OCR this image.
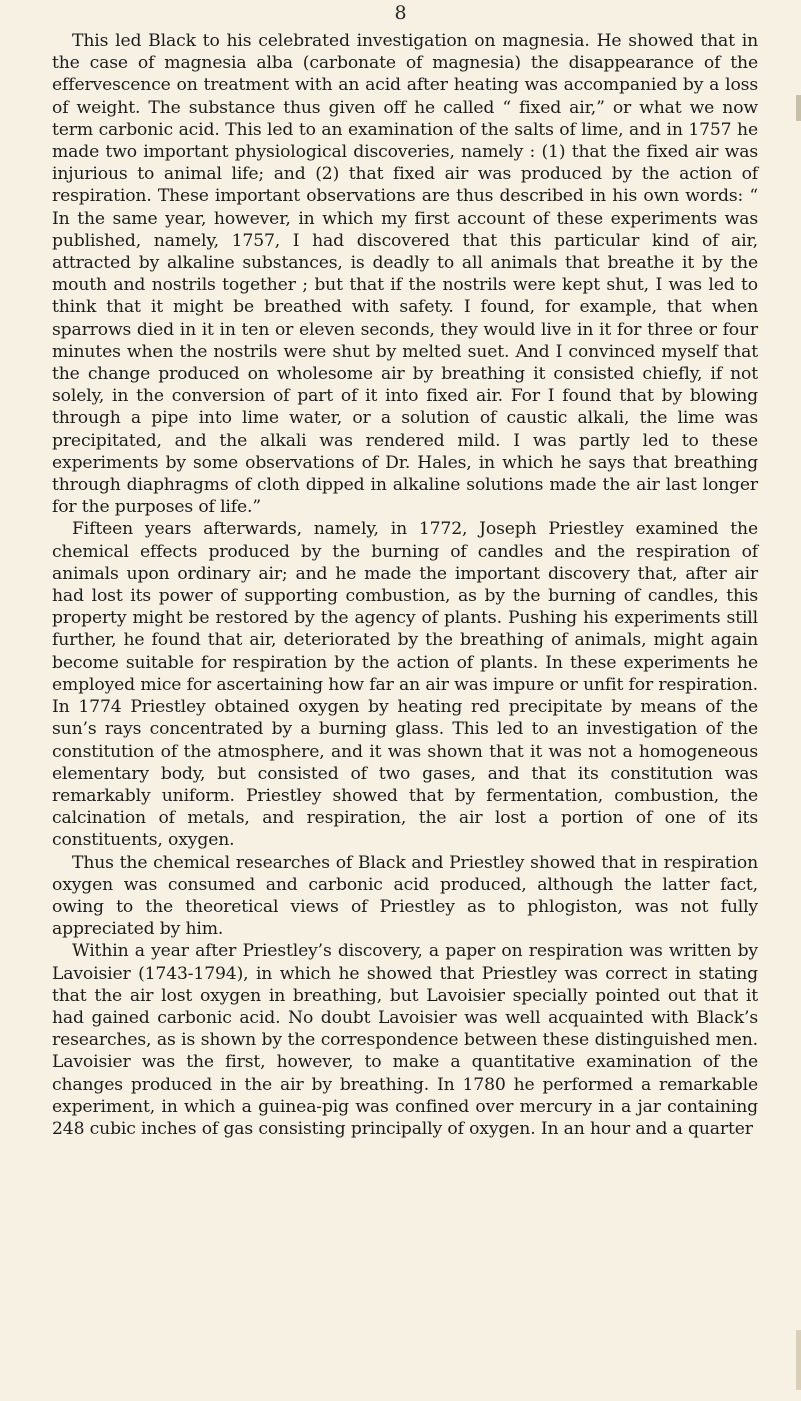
8

This led Black to his celebrated investigation on magnesia. He showed that in the case of magnesia alba (carbonate of magnesia) the disappearance of the effervescence on treatment with an acid after heating was accompanied by a loss of weight. The substance thus given off he called “ fixed air,” or what we now term carbonic acid. This led to an examination of the salts of lime, and in 1757 he made two important physiological discoveries, namely : (1) that the fixed air was injurious to animal life; and (2) that fixed air was produced by the action of respiration. These important observations are thus described in his own words: “ In the same year, however, in which my first account of these experiments was published, namely, 1757, I had discovered that this particular kind of air, attracted by alkaline substances, is deadly to all animals that breathe it by the mouth and nostrils together ; but that if the nostrils were kept shut, I was led to think that it might be breathed with safety. I found, for example, that when sparrows died in it in ten or eleven seconds, they would live in it for three or four minutes when the nostrils were shut by melted suet. And I convinced myself that the change produced on wholesome air by breathing it consisted chiefly, if not solely, in the conversion of part of it into fixed air. For I found that by blowing through a pipe into lime water, or a solution of caustic alkali, the lime was precipitated, and the alkali was rendered mild. I was partly led to these experiments by some observations of Dr. Hales, in which he says that breathing through diaphragms of cloth dipped in alkaline solutions made the air last longer for the purposes of life.”

Fifteen years afterwards, namely, in 1772, Joseph Priestley examined the chemical effects produced by the burning of candles and the respiration of animals upon ordinary air; and he made the important discovery that, after air had lost its power of supporting combustion, as by the burning of candles, this property might be restored by the agency of plants. Pushing his experiments still further, he found that air, deteriorated by the breathing of animals, might again become suitable for respiration by the action of plants. In these experiments he employed mice for ascertaining how far an air was impure or unfit for respiration. In 1774 Priestley obtained oxygen by heating red precipitate by means of the sun’s rays concentrated by a burning glass. This led to an investigation of the constitution of the atmosphere, and it was shown that it was not a homogeneous elementary body, but consisted of two gases, and that its constitution was remarkably uniform. Priestley showed that by fermentation, combustion, the calcination of metals, and respiration, the air lost a portion of one of its constituents, oxygen.

Thus the chemical researches of Black and Priestley showed that in respiration oxygen was consumed and carbonic acid produced, although the latter fact, owing to the theoretical views of Priestley as to phlogiston, was not fully appreciated by him.

Within a year after Priestley’s discovery, a paper on respiration was written by Lavoisier (1743-1794), in which he showed that Priestley was correct in stating that the air lost oxygen in breathing, but Lavoisier specially pointed out that it had gained carbonic acid. No doubt Lavoisier was well acquainted with Black’s researches, as is shown by the correspondence between these distinguished men. Lavoisier was the first, however, to make a quantitative examination of the changes produced in the air by breathing. In 1780 he performed a remarkable experiment, in which a guinea-pig was confined over mercury in a jar containing 248 cubic inches of gas consisting principally of oxygen. In an hour and a quarter
